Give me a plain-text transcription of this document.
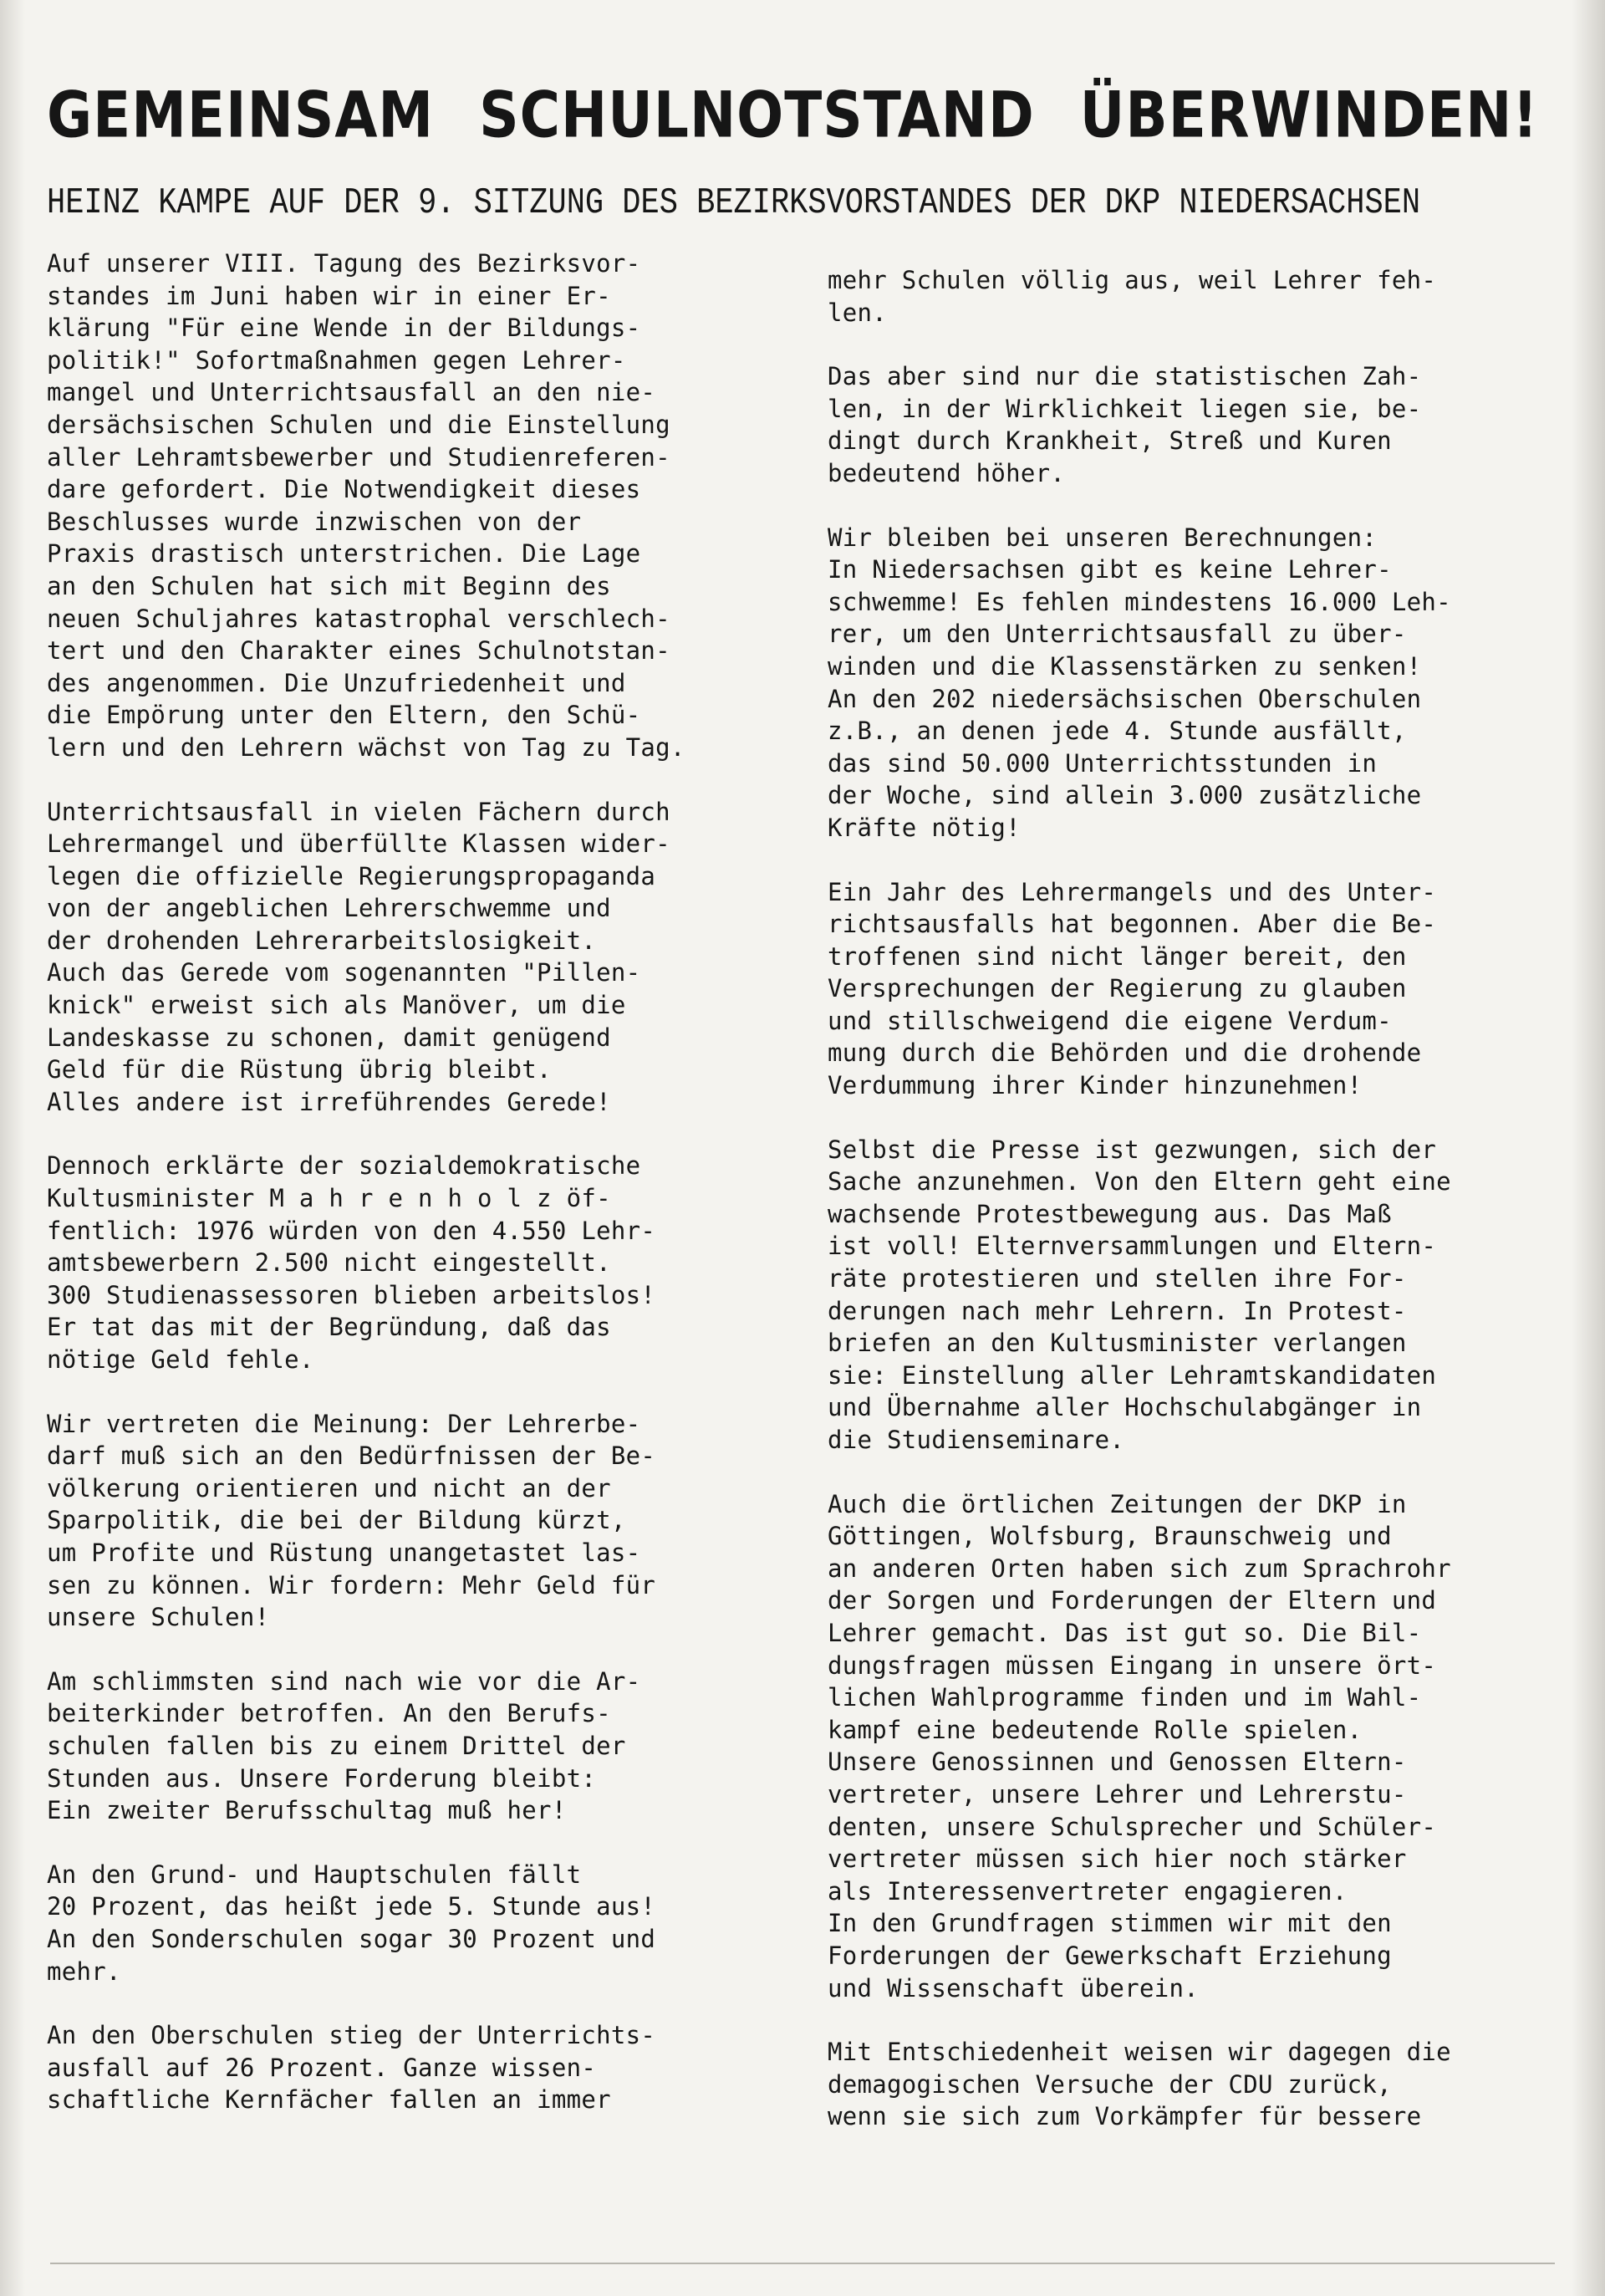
GEMEINSAM SCHULNOTSTAND ÜBERWINDEN!
HEINZ KAMPE AUF DER 9. SITZUNG DES BEZIRKSVORSTANDES DER DKP NIEDERSACHSEN

Auf unserer VIII. Tagung des Bezirksvor-
standes im Juni haben wir in einer Er-
klärung "Für eine Wende in der Bildungs-
politik!" Sofortmaßnahmen gegen Lehrer-
mangel und Unterrichtsausfall an den nie-
dersächsischen Schulen und die Einstellung
aller Lehramtsbewerber und Studienreferen-
dare gefordert. Die Notwendigkeit dieses
Beschlusses wurde inzwischen von der
Praxis drastisch unterstrichen. Die Lage
an den Schulen hat sich mit Beginn des
neuen Schuljahres katastrophal verschlech-
tert und den Charakter eines Schulnotstan-
des angenommen. Die Unzufriedenheit und
die Empörung unter den Eltern, den Schü-
lern und den Lehrern wächst von Tag zu Tag.

Unterrichtsausfall in vielen Fächern durch
Lehrermangel und überfüllte Klassen wider-
legen die offizielle Regierungspropaganda
von der angeblichen Lehrerschwemme und
der drohenden Lehrerarbeitslosigkeit.
Auch das Gerede vom sogenannten "Pillen-
knick" erweist sich als Manöver, um die
Landeskasse zu schonen, damit genügend
Geld für die Rüstung übrig bleibt.
Alles andere ist irreführendes Gerede!

Dennoch erklärte der sozialdemokratische
Kultusminister M a h r e n h o l z öf-
fentlich: 1976 würden von den 4.550 Lehr-
amtsbewerbern 2.500 nicht eingestellt.
300 Studienassessoren blieben arbeitslos!
Er tat das mit der Begründung, daß das
nötige Geld fehle.

Wir vertreten die Meinung: Der Lehrerbe-
darf muß sich an den Bedürfnissen der Be-
völkerung orientieren und nicht an der
Sparpolitik, die bei der Bildung kürzt,
um Profite und Rüstung unangetastet las-
sen zu können. Wir fordern: Mehr Geld für
unsere Schulen!

Am schlimmsten sind nach wie vor die Ar-
beiterkinder betroffen. An den Berufs-
schulen fallen bis zu einem Drittel der
Stunden aus. Unsere Forderung bleibt:
Ein zweiter Berufsschultag muß her!

An den Grund- und Hauptschulen fällt
20 Prozent, das heißt jede 5. Stunde aus!
An den Sonderschulen sogar 30 Prozent und
mehr.

An den Oberschulen stieg der Unterrichts-
ausfall auf 26 Prozent. Ganze wissen-
schaftliche Kernfächer fallen an immer

mehr Schulen völlig aus, weil Lehrer feh-
len.

Das aber sind nur die statistischen Zah-
len, in der Wirklichkeit liegen sie, be-
dingt durch Krankheit, Streß und Kuren
bedeutend höher.

Wir bleiben bei unseren Berechnungen:
In Niedersachsen gibt es keine Lehrer-
schwemme! Es fehlen mindestens 16.000 Leh-
rer, um den Unterrichtsausfall zu über-
winden und die Klassenstärken zu senken!
An den 202 niedersächsischen Oberschulen
z.B., an denen jede 4. Stunde ausfällt,
das sind 50.000 Unterrichtsstunden in
der Woche, sind allein 3.000 zusätzliche
Kräfte nötig!

Ein Jahr des Lehrermangels und des Unter-
richtsausfalls hat begonnen. Aber die Be-
troffenen sind nicht länger bereit, den
Versprechungen der Regierung zu glauben
und stillschweigend die eigene Verdum-
mung durch die Behörden und die drohende
Verdummung ihrer Kinder hinzunehmen!

Selbst die Presse ist gezwungen, sich der
Sache anzunehmen. Von den Eltern geht eine
wachsende Protestbewegung aus. Das Maß
ist voll! Elternversammlungen und Eltern-
räte protestieren und stellen ihre For-
derungen nach mehr Lehrern. In Protest-
briefen an den Kultusminister verlangen
sie: Einstellung aller Lehramtskandidaten
und Übernahme aller Hochschulabgänger in
die Studienseminare.

Auch die örtlichen Zeitungen der DKP in
Göttingen, Wolfsburg, Braunschweig und
an anderen Orten haben sich zum Sprachrohr
der Sorgen und Forderungen der Eltern und
Lehrer gemacht. Das ist gut so. Die Bil-
dungsfragen müssen Eingang in unsere ört-
lichen Wahlprogramme finden und im Wahl-
kampf eine bedeutende Rolle spielen.
Unsere Genossinnen und Genossen Eltern-
vertreter, unsere Lehrer und Lehrerstu-
denten, unsere Schulsprecher und Schüler-
vertreter müssen sich hier noch stärker
als Interessenvertreter engagieren.
In den Grundfragen stimmen wir mit den
Forderungen der Gewerkschaft Erziehung
und Wissenschaft überein.

Mit Entschiedenheit weisen wir dagegen die
demagogischen Versuche der CDU zurück,
wenn sie sich zum Vorkämpfer für bessere
